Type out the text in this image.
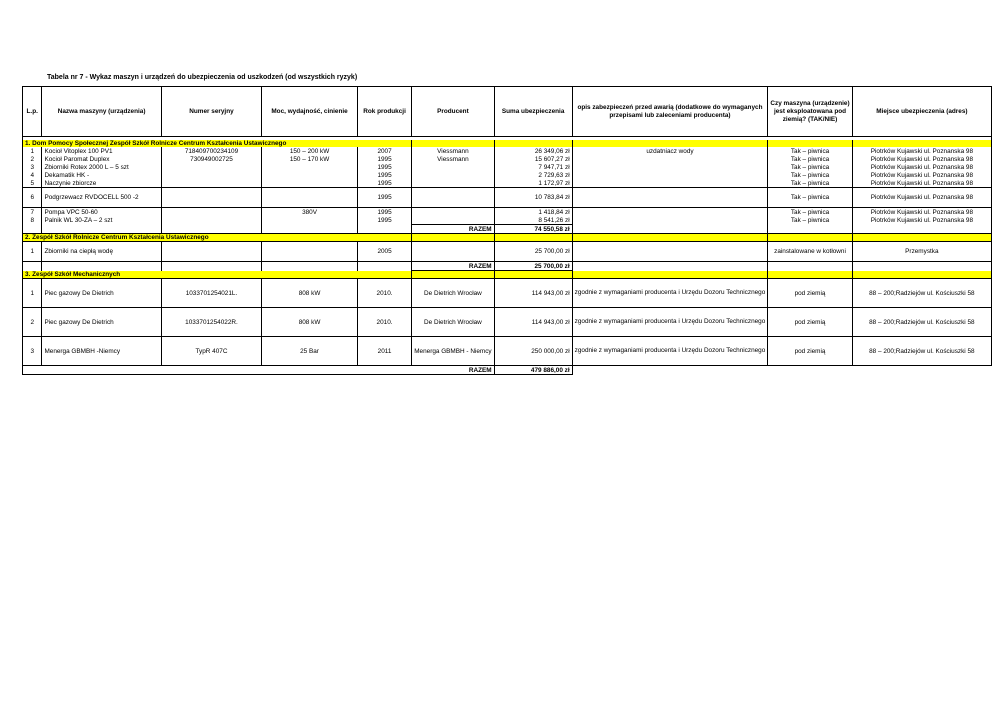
Tabela nr 7 - Wykaz maszyn i urządzeń do ubezpieczenia od uszkodzeń (od wszystkich ryzyk)
L.p.	Nazwa maszyny (urządzenia)	Numer seryjny	Moc, wydajność, cinienie	Rok produkcji	Producent	Suma ubezpieczenia	opis zabezpieczeń przed awarią (dodatkowe do wymaganych przepisami lub zaleceniami producenta)	Czy maszyna (urządzenie) jest eksploatowana pod ziemią? (TAK/NIE)	Miejsce ubezpieczenia (adres)

1. Dom Pomocy Społecznej Zespół Szkół Rolnicze Centrum Kształcenia Ustawicznego									
1	Kocioł Vitoplex 100 PV1	718409700234109	150 – 200 kW	2007	Viessmann	26 349,06 zł	uzdatniacz wody	Tak – piwnica	Piotrków Kujawski ul. Poznanska 98
2	Kocioł Paromat Duplex	730949002725	150 – 170 kW	1995	Viessmann	15 607,27 zł		Tak – piwnica	Piotrków Kujawski ul. Poznanska 98
3	Zbiorniki Rotex 2000 L – 5 szt			1995		7 947,71 zł		Tak – piwnica	Piotrków Kujawski ul. Poznanska 98
4	Dekamatik HK -			1995		2 729,63 zł		Tak – piwnica	Piotrków Kujawski ul. Poznanska 98
5	Naczynie zbiorcze			1995		1 172,97 zł		Tak – piwnica	Piotrków Kujawski ul. Poznanska 98
6	Podgrzewacz RVDOCELL 500 -2			1995		10 783,84 zł		Tak – piwnica	Piotrków Kujawski ul. Poznanska 98
7	Pompa VPC 50-60		380V	1995		1 418,84 zł		Tak – piwnica	Piotrków Kujawski ul. Poznanska 98
8	Palnik WL 30-ZA – 2 szt			1995		8 541,26 zł		Tak – piwnica	Piotrków Kujawski ul. Poznanska 98
					RAZEM	74 550,58 zł			
2. Zespół Szkół Rolnicze Centrum Kształcenia Ustawicznego									
1	Zbiorniki na ciepłą wodę			2005		25 700,00 zł		zainstalowane w kotłowni	Przemystka
					RAZEM	25 700,00 zł			
3. Zespół Szkół Mechanicznych									
1	Piec gazowy De Dietrich	1033701254021L.	808 kW	2010.	De Dietrich Wrocław	114 943,00 zł	zgodnie z wymaganiami producenta i Urzędu Dozoru Technicznego	pod ziemią	88 – 200;Radziejów ul. Kościuszki 58
2	Piec gazowy De Dietrich	1033701254022R.	808 kW	2010.	De Dietrich Wrocław	114 943,00 zł	zgodnie z wymaganiami producenta i Urzędu Dozoru Technicznego	pod ziemią	88 – 200;Radziejów ul. Kościuszki 58
3	Menerga GBMBH -Niemcy	TypR 407C	25 Bar	2011	Menerga GBMBH - Niemcy	250 000,00 zł	zgodnie z wymaganiami producenta i Urzędu Dozoru Technicznego	pod ziemią	88 – 200;Radziejów ul. Kościuszki 58
					RAZEM	479 886,00 zł			
